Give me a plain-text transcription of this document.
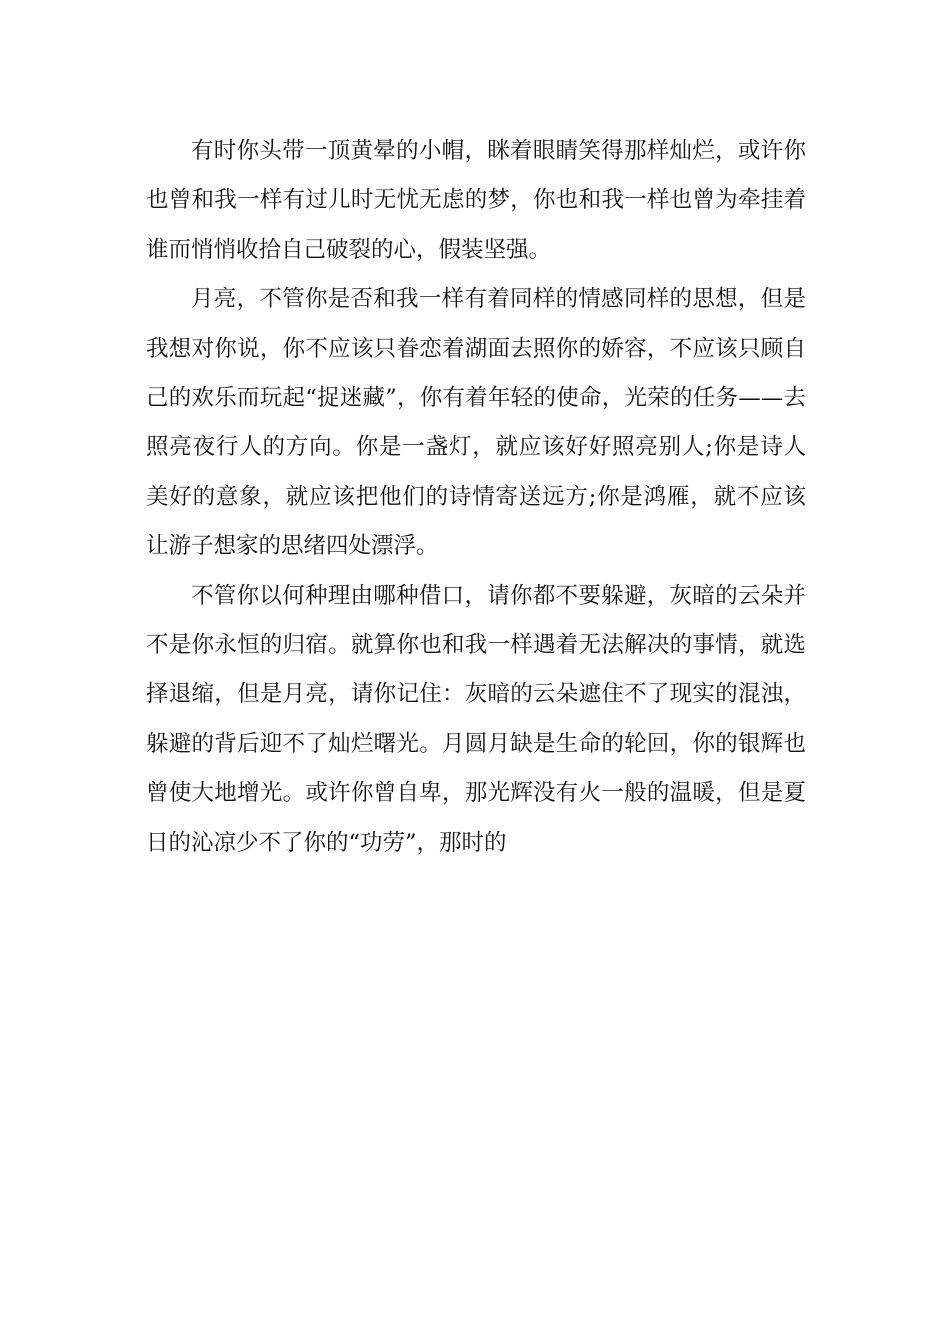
有时你头带一顶黄晕的小帽，眯着眼睛笑得那样灿烂，或许你也曾和我一样有过儿时无忧无虑的梦，你也和我一样也曾为牵挂着谁而悄悄收拾自己破裂的心，假装坚强。

月亮，不管你是否和我一样有着同样的情感同样的思想，但是我想对你说，你不应该只眷恋着湖面去照你的娇容，不应该只顾自己的欢乐而玩起“捉迷藏”，你有着年轻的使命，光荣的任务——去照亮夜行人的方向。你是一盏灯，就应该好好照亮别人;你是诗人美好的意象，就应该把他们的诗情寄送远方;你是鸿雁，就不应该让游子想家的思绪四处漂浮。

不管你以何种理由哪种借口，请你都不要躲避，灰暗的云朵并不是你永恒的归宿。就算你也和我一样遇着无法解决的事情，就选择退缩，但是月亮，请你记住：灰暗的云朵遮住不了现实的混浊，躲避的背后迎不了灿烂曙光。月圆月缺是生命的轮回，你的银辉也曾使大地增光。或许你曾自卑，那光辉没有火一般的温暖，但是夏日的沁凉少不了你的“功劳”，那时的
